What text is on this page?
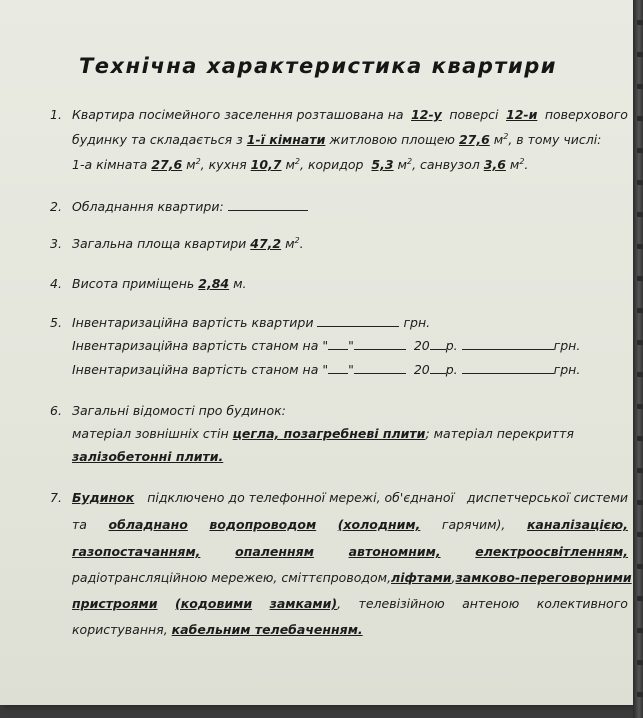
Технічна характеристика квартири
1. Квартира посімейного заселення розташована на 12-у поверсі 12-и поверхового
будинку та складається з 1-ї кімнати житловою площею 27,6 $м^2$, в тому числі:
1-а кімната 27,6 $м^2$, кухня 10,7 $м^2$, коридор 5,3 $м^2$, санвузол 3,6 $м^2$.
2. Обладнання квартири:
3. Загальна площа квартири 47,2 $м^2$.
4. Висота приміщень 2,84 м.
5. Інвентаризаційна вартість квартири	грн.
Інвентаризаційна вартість станом на " "	20 р.	грн.
Інвентаризаційна вартість станом на " "	20 р.	грн.
6. Загальні відомості про будинок:
матеріал зовнішніх стін цегла, позагребневі плити; матеріал перекриття
залізобетонні плити.
7. Будинок підключено до телефонної мережі, об'єднаної диспетчерської системи
та обладнано водопроводом (холодним, гарячим), каналізацією,
газопостачанням,	опаленням	автономним,	електроосвітленням,
радіотрансляційною мережею, сміттєпроводом, ліфтами, замково-переговорними
пристроями (кодовими замками), телевізійною антеною колективного
користування, кабельним телебаченням.
